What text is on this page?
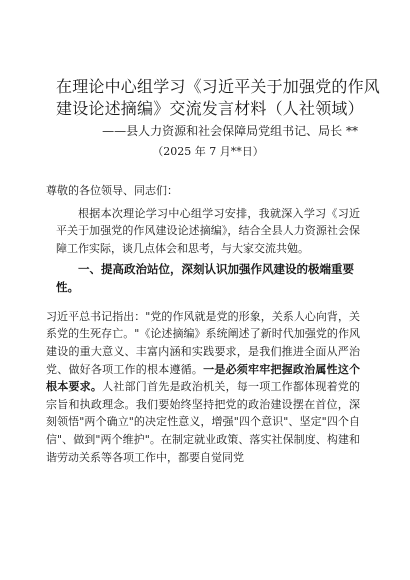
在理论中心组学习《习近平关于加强党的作风
建设论述摘编》交流发言材料（人社领域）
——县人力资源和社会保障局党组书记、局长 **
（2025 年 7 月**日）

尊敬的各位领导、同志们：

根据本次理论学习中心组学习安排，我就深入学习《习近平关于加强党的作风建设论述摘编》，结合全县人力资源社会保障工作实际，谈几点体会和思考，与大家交流共勉。

一、提高政治站位，深刻认识加强作风建设的极端重要性。

习近平总书记指出："党的作风就是党的形象，关系人心向背，关系党的生死存亡。"《论述摘编》系统阐述了新时代加强党的作风建设的重大意义、丰富内涵和实践要求，是我们推进全面从严治党、做好各项工作的根本遵循。一是必须牢牢把握政治属性这个根本要求。人社部门首先是政治机关，每一项工作都体现着党的宗旨和执政理念。我们要始终坚持把党的政治建设摆在首位，深刻领悟"两个确立"的决定性意义，增强"四个意识"、坚定"四个自信"、做到"两个维护"。在制定就业政策、落实社保制度、构建和谐劳动关系等各项工作中，都要自觉同党
